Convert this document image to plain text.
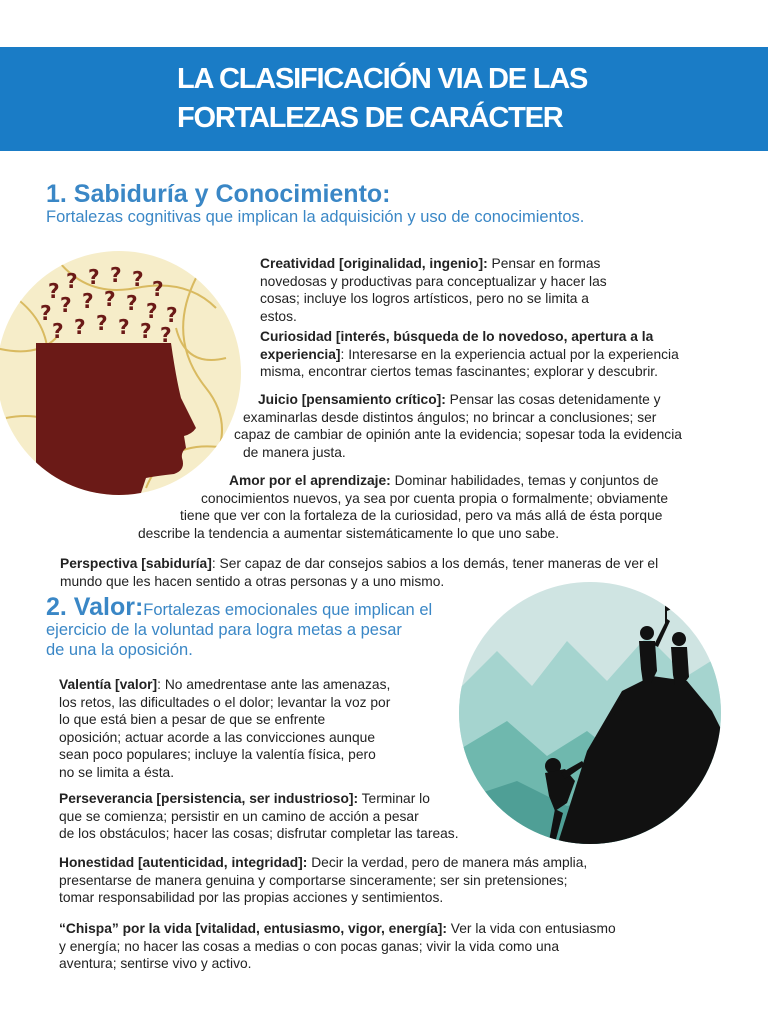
LA CLASIFICACIÓN VIA DE LAS
FORTALEZAS DE CARÁCTER
1. Sabiduría y Conocimiento:

Fortalezas cognitivas que implican la adquisición y uso de conocimientos.

? ? ? ? ? ?
? ? ? ? ? ? ?
? ? ? ? ? ?

Creatividad [originalidad, ingenio]: Pensar en formas
novedosas y productivas para conceptualizar y hacer las
cosas; incluye los logros artísticos, pero no se limita a
estos.

Curiosidad [interés, búsqueda de lo novedoso, apertura a la
experiencia]: Interesarse en la experiencia actual por la experiencia
misma, encontrar ciertos temas fascinantes; explorar y descubrir.

Juicio [pensamiento crítico]: Pensar las cosas detenidamente y
examinarlas desde distintos ángulos; no brincar a conclusiones; ser
capaz de cambiar de opinión ante la evidencia; sopesar toda la evidencia
de manera justa.

Amor por el aprendizaje: Dominar habilidades, temas y conjuntos de
conocimientos nuevos, ya sea por cuenta propia o formalmente; obviamente
tiene que ver con la fortaleza de la curiosidad, pero va más allá de ésta porque
describe la tendencia a aumentar sistemáticamente lo que uno sabe.

Perspectiva [sabiduría]: Ser capaz de dar consejos sabios a los demás, tener maneras de ver el
mundo que les hacen sentido a otras personas y a uno mismo.

2. Valor:Fortalezas emocionales que implican el
ejercicio de la voluntad para logra metas a pesar
de una la oposición.

Valentía [valor]: No amedrentase ante las amenazas,
los retos, las dificultades o el dolor; levantar la voz por
lo que está bien a pesar de que se enfrente
oposición; actuar acorde a las convicciones aunque
sean poco populares; incluye la valentía física, pero
no se limita a ésta.

Perseverancia [persistencia, ser industrioso]: Terminar lo
que se comienza; persistir en un camino de acción a pesar
de los obstáculos; hacer las cosas; disfrutar completar las tareas.

Honestidad [autenticidad, integridad]: Decir la verdad, pero de manera más amplia,
presentarse de manera genuina y comportarse sinceramente; ser sin pretensiones;
tomar responsabilidad por las propias acciones y sentimientos.

“Chispa” por la vida [vitalidad, entusiasmo, vigor, energía]: Ver la vida con entusiasmo
y energía; no hacer las cosas a medias o con pocas ganas; vivir la vida como una
aventura; sentirse vivo y activo.
